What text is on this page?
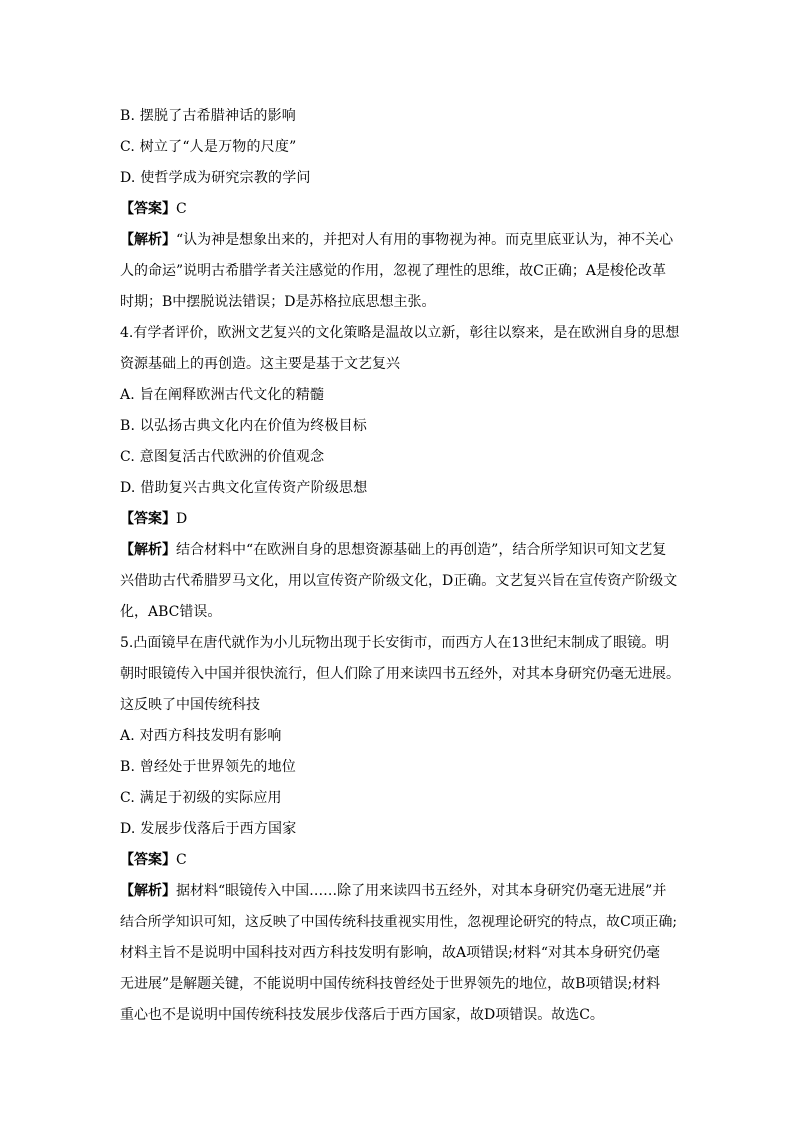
B. 摆脱了古希腊神话的影响
C. 树立了“人是万物的尺度”
D. 使哲学成为研究宗教的学问
【答案】C
【解析】“认为神是想象出来的，并把对人有用的事物视为神。而克里底亚认为，神不关心
人的命运”说明古希腊学者关注感觉的作用，忽视了理性的思维，故C正确；A是梭伦改革
时期；B中摆脱说法错误；D是苏格拉底思想主张。
4.有学者评价，欧洲文艺复兴的文化策略是温故以立新，彰往以察来，是在欧洲自身的思想
资源基础上的再创造。这主要是基于文艺复兴
A. 旨在阐释欧洲古代文化的精髓
B. 以弘扬古典文化内在价值为终极目标
C. 意图复活古代欧洲的价值观念
D. 借助复兴古典文化宣传资产阶级思想
【答案】D
【解析】结合材料中“在欧洲自身的思想资源基础上的再创造”，结合所学知识可知文艺复
兴借助古代希腊罗马文化，用以宣传资产阶级文化，D正确。文艺复兴旨在宣传资产阶级文
化，ABC错误。
5.凸面镜早在唐代就作为小儿玩物出现于长安街市，而西方人在13世纪末制成了眼镜。明
朝时眼镜传入中国并很快流行，但人们除了用来读四书五经外，对其本身研究仍毫无进展。
这反映了中国传统科技
A. 对西方科技发明有影响
B. 曾经处于世界领先的地位
C. 满足于初级的实际应用
D. 发展步伐落后于西方国家
【答案】C
【解析】据材料“眼镜传入中国……除了用来读四书五经外，对其本身研究仍毫无进展”并
结合所学知识可知，这反映了中国传统科技重视实用性，忽视理论研究的特点，故C项正确;
材料主旨不是说明中国科技对西方科技发明有影响，故A项错误;材料“对其本身研究仍毫
无进展”是解题关键，不能说明中国传统科技曾经处于世界领先的地位，故B项错误;材料
重心也不是说明中国传统科技发展步伐落后于西方国家，故D项错误。故选C。
